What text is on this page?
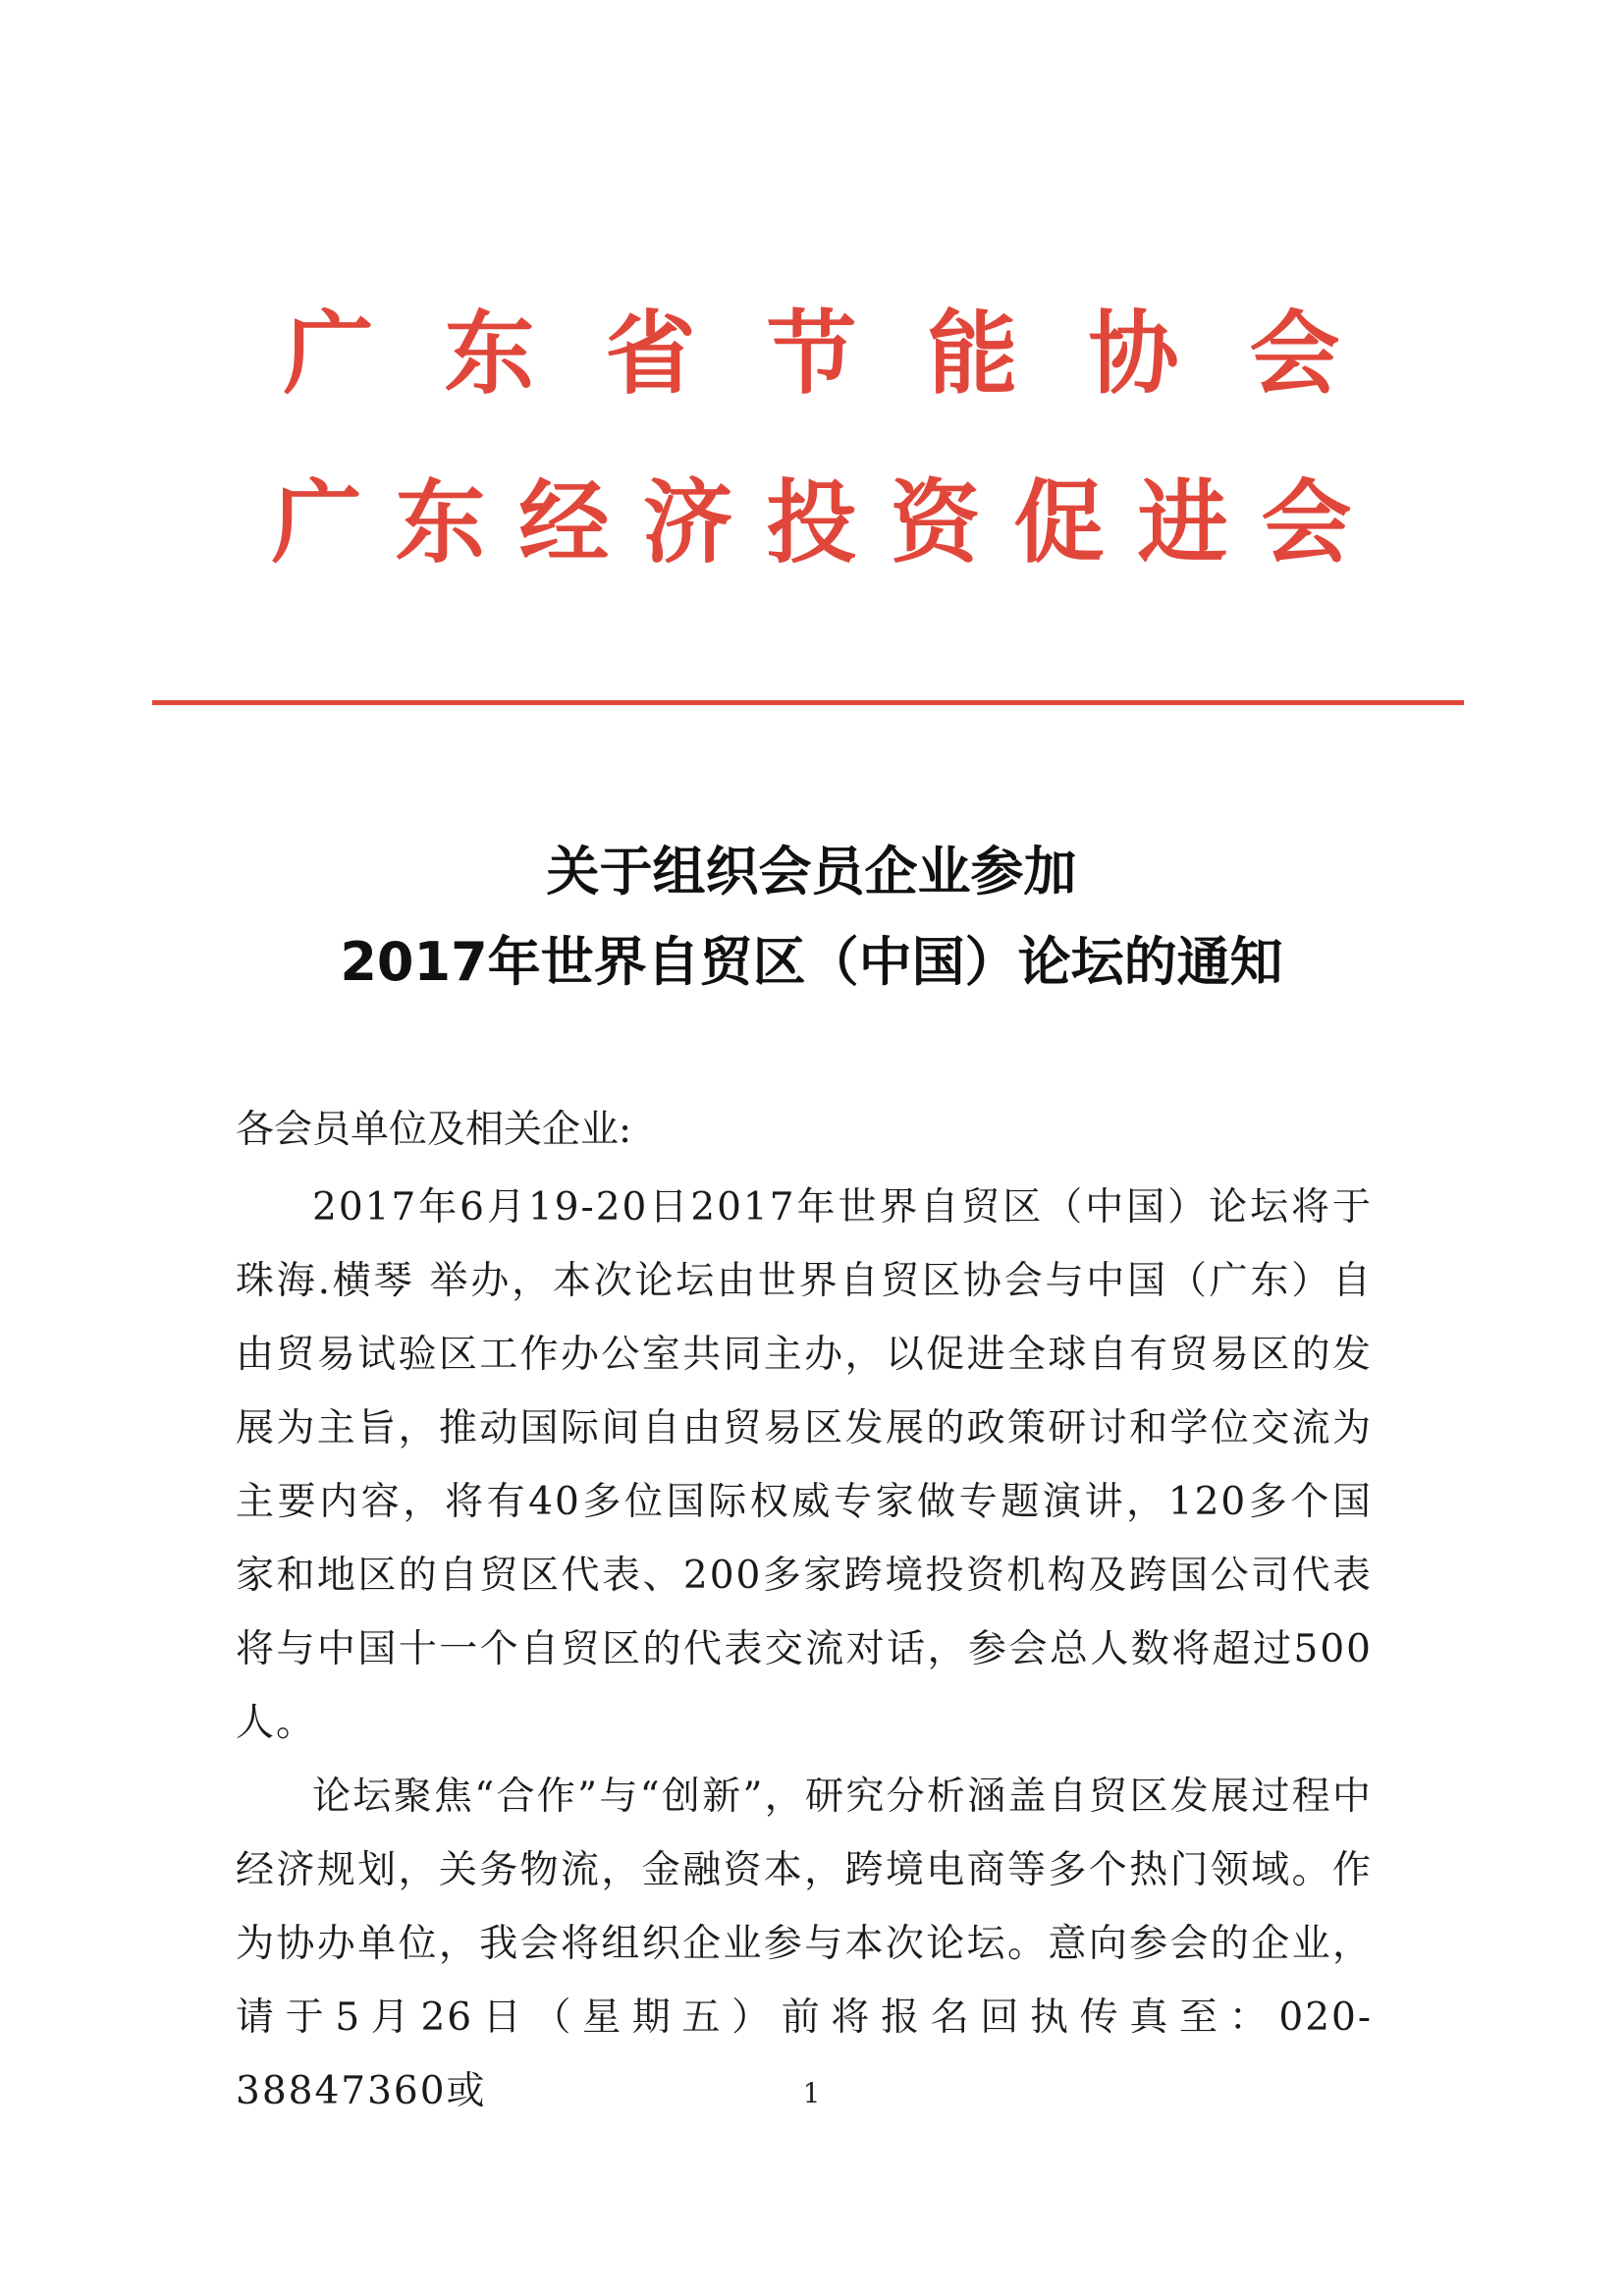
广东省节能协会
广东经济投资促进会
关于组织会员企业参加
2017年世界自贸区（中国）论坛的通知
各会员单位及相关企业:

2017年6月19-20日2017年世界自贸区（中国）论坛将于珠海.横琴 举办，本次论坛由世界自贸区协会与中国（广东）自由贸易试验区工作办公室共同主办，以促进全球自有贸易区的发展为主旨，推动国际间自由贸易区发展的政策研讨和学位交流为主要内容，将有40多位国际权威专家做专题演讲，120多个国家和地区的自贸区代表、200多家跨境投资机构及跨国公司代表将与中国十一个自贸区的代表交流对话，参会总人数将超过500人。

论坛聚焦“合作”与“创新”，研究分析涵盖自贸区发展过程中经济规划，关务物流，金融资本，跨境电商等多个热门领域。作为协办单位，我会将组织企业参与本次论坛。意向参会的企业，请于5月26日（星期五）前将报名回执传真至：020-38847360或	1
